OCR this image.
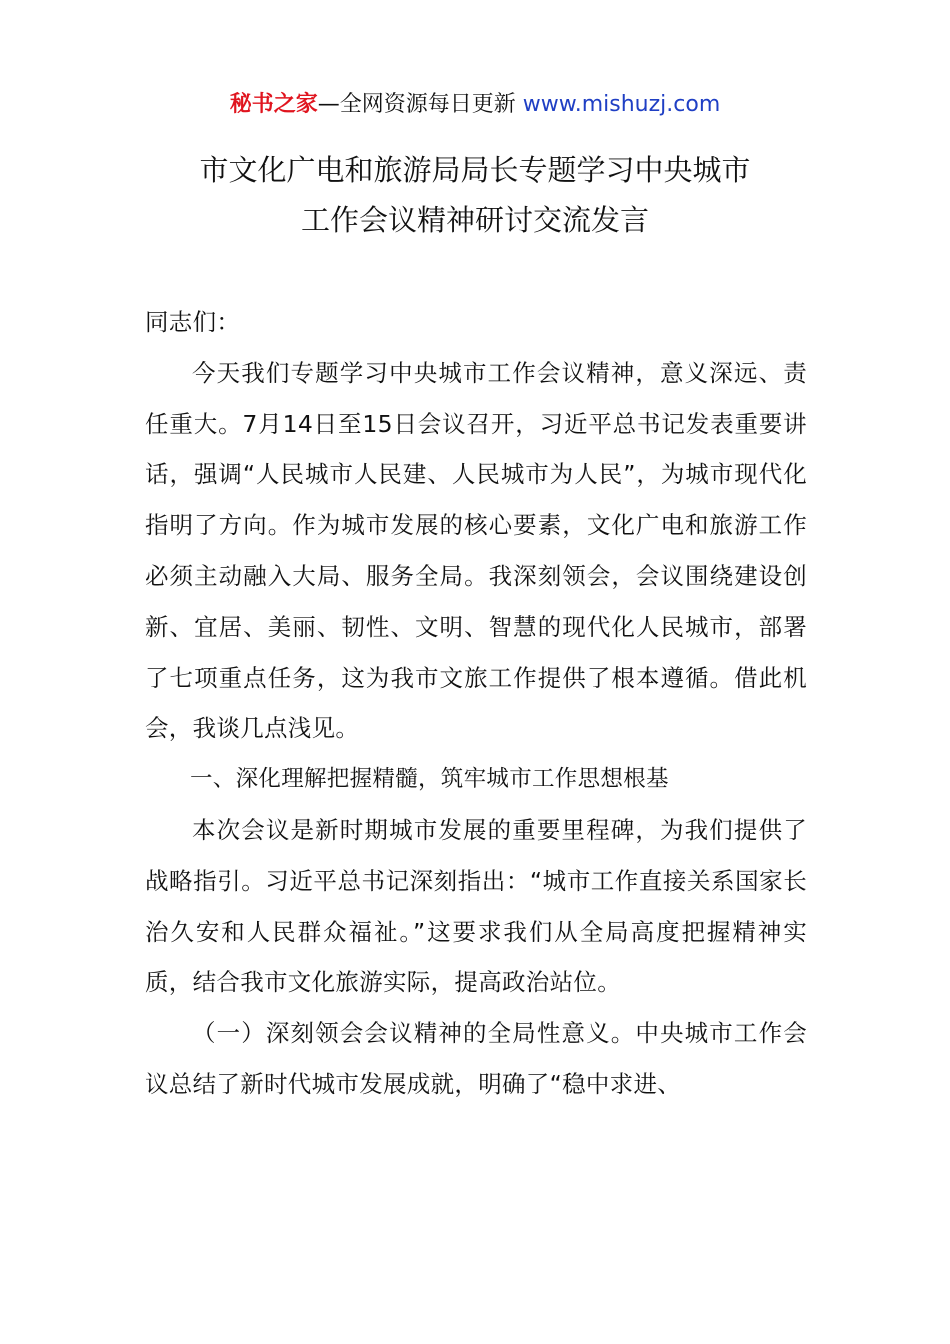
秘书之家—全网资源每日更新 www.mishuzj.com
市文化广电和旅游局局长专题学习中央城市
工作会议精神研讨交流发言

同志们：

今天我们专题学习中央城市工作会议精神，意义深远、责任重大。7月14日至15日会议召开，习近平总书记发表重要讲话，强调“人民城市人民建、人民城市为人民”，为城市现代化指明了方向。作为城市发展的核心要素，文化广电和旅游工作必须主动融入大局、服务全局。我深刻领会，会议围绕建设创新、宜居、美丽、韧性、文明、智慧的现代化人民城市，部署了七项重点任务，这为我市文旅工作提供了根本遵循。借此机会，我谈几点浅见。

一、深化理解把握精髓，筑牢城市工作思想根基

本次会议是新时期城市发展的重要里程碑，为我们提供了战略指引。习近平总书记深刻指出：“城市工作直接关系国家长治久安和人民群众福祉。”这要求我们从全局高度把握精神实质，结合我市文化旅游实际，提高政治站位。

（一）深刻领会会议精神的全局性意义。中央城市工作会议总结了新时代城市发展成就，明确了“稳中求进、
